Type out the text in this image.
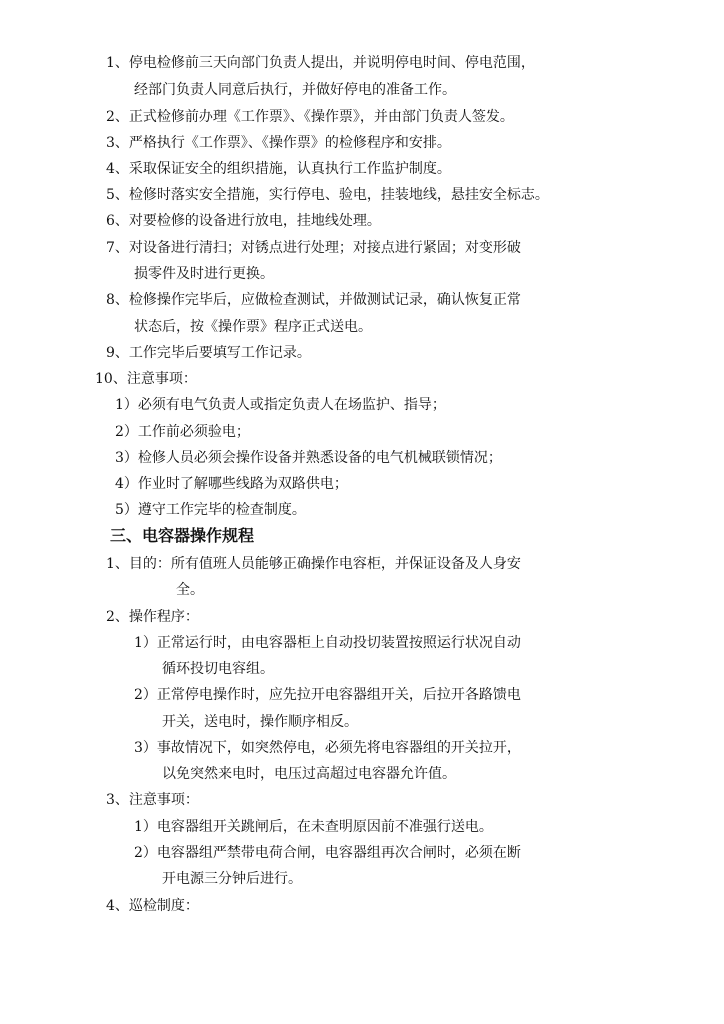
1、停电检修前三天向部门负责人提出，并说明停电时间、停电范围，
经部门负责人同意后执行，并做好停电的准备工作。
2、正式检修前办理《工作票》、《操作票》，并由部门负责人签发。
3、严格执行《工作票》、《操作票》的检修程序和安排。
4、采取保证安全的组织措施，认真执行工作监护制度。
5、检修时落实安全措施，实行停电、验电，挂装地线，悬挂安全标志。
6、对要检修的设备进行放电，挂地线处理。
7、对设备进行清扫；对锈点进行处理；对接点进行紧固；对变形破
损零件及时进行更换。
8、检修操作完毕后，应做检查测试，并做测试记录，确认恢复正常
状态后，按《操作票》程序正式送电。
9、工作完毕后要填写工作记录。
10、注意事项：
1）必须有电气负责人或指定负责人在场监护、指导；
2）工作前必须验电；
3）检修人员必须会操作设备并熟悉设备的电气机械联锁情况；
4）作业时了解哪些线路为双路供电；
5）遵守工作完毕的检查制度。
三、电容器操作规程
1、目的：所有值班人员能够正确操作电容柜，并保证设备及人身安
全。
2、操作程序：
1）正常运行时，由电容器柜上自动投切装置按照运行状况自动
循环投切电容组。
2）正常停电操作时，应先拉开电容器组开关，后拉开各路馈电
开关，送电时，操作顺序相反。
3）事故情况下，如突然停电，必须先将电容器组的开关拉开，
以免突然来电时，电压过高超过电容器允许值。
3、注意事项：
1）电容器组开关跳闸后，在未查明原因前不准强行送电。
2）电容器组严禁带电荷合闸，电容器组再次合闸时，必须在断
开电源三分钟后进行。
4、巡检制度：
